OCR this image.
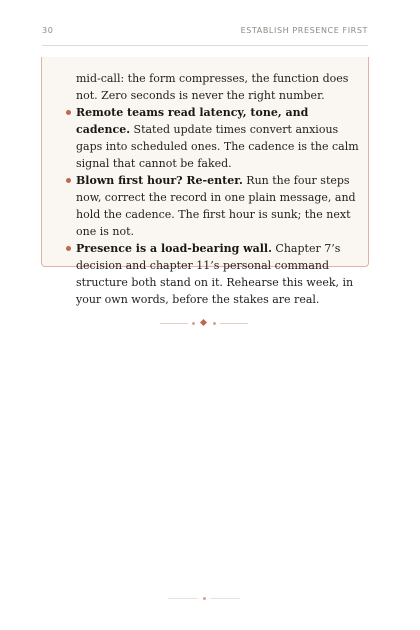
30	ESTABLISH PRESENCE FIRST

mid-call: the form compresses, the function does not. Zero seconds is never the right number.

Remote teams read latency, tone, and cadence. Stated update times convert anxious gaps into scheduled ones. The cadence is the calm signal that cannot be faked.
Blown first hour? Re-enter. Run the four steps now, correct the record in one plain message, and hold the cadence. The first hour is sunk; the next one is not.
Presence is a load-bearing wall. Chapter 7’s decision and chapter 11’s personal command structure both stand on it. Rehearse this week, in your own words, before the stakes are real.
